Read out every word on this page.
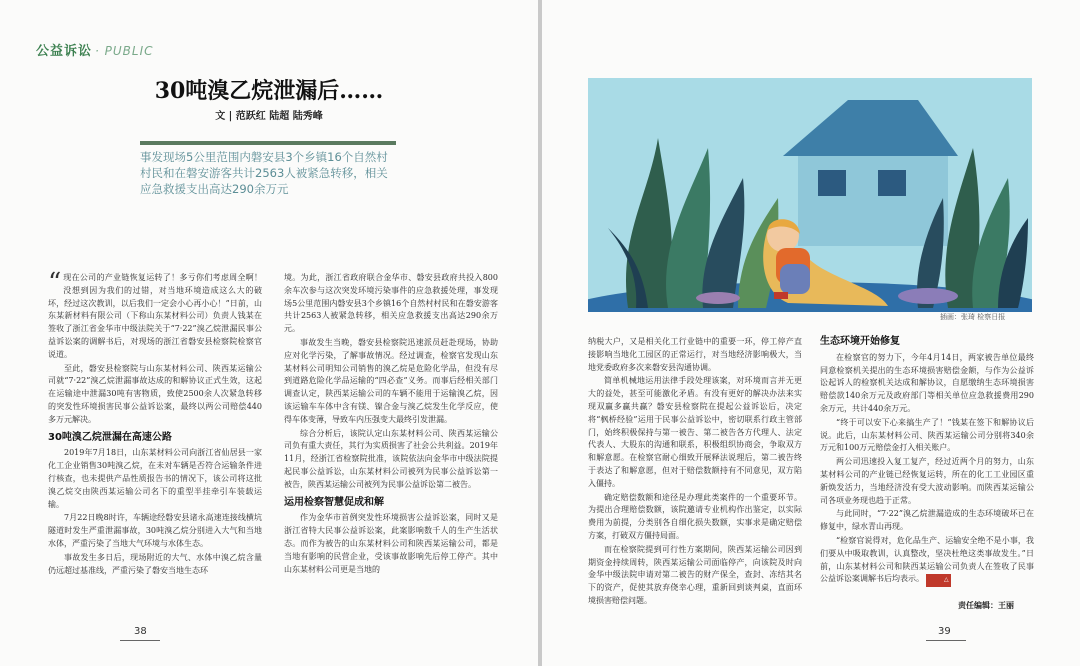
公益诉讼 · PUBLIC
30吨溴乙烷泄漏后……
文 | 范跃红 陆超 陆秀峰
事发现场5公里范围内磐安县3个乡镇16个自然村村民和在磐安游客共计2563人被紧急转移，相关应急救援支出高达290余万元
“ 现在公司的产业链恢复运转了！多亏你们考虑周全啊！没想到因为我们的过错，对当地环境造成这么大的破坏，经过这次教训，以后我们一定会小心再小心！”日前，山东某新材料有限公司（下称山东某材料公司）负责人钱某在签收了浙江省金华市中级法院关于“7·22”溴乙烷泄漏民事公益诉讼案的调解书后，对现场的浙江省磐安县检察院检察官说道。

至此，磐安县检察院与山东某材料公司、陕西某运输公司就“7·22”溴乙烷泄漏事故达成的和解协议正式生效，这起在运输途中泄漏30吨有害物质，致使2500余人次紧急转移的突发性环境损害民事公益诉讼案，最终以两公司赔偿440多万元解决。

30吨溴乙烷泄漏在高速公路

2019年7月18日，山东某材料公司向浙江省仙居县一家化工企业销售30吨溴乙烷，在未对车辆是否符合运输条件进行核查，也未提供产品性质报告书的情况下，该公司将这批溴乙烷交由陕西某运输公司名下的重型半挂牵引车装载运输。

7月22日晚8时许，车辆途经磐安县诸永高速连接线横坑隧道时发生严重泄漏事故，30吨溴乙烷分别进入大气和当地水体，严重污染了当地大气环境与水体生态。

事故发生多日后，现场附近的大气、水体中溴乙烷含量仍远超过基准线，严重污染了磐安当地生态环

境。为此，浙江省政府联合金华市、磐安县政府共投入800余车次参与这次突发环境污染事件的应急救援处理，事发现场5公里范围内磐安县3个乡镇16个自然村村民和在磐安游客共计2563人被紧急转移，相关应急救援支出高达290余万元。

事故发生当晚，磐安县检察院迅速派员赶赴现场，协助应对化学污染，了解事故情况。经过调查，检察官发现山东某材料公司明知公司销售的溴乙烷是危险化学品，但没有尽到道路危险化学品运输的“四必查”义务。而事后经相关部门调查认定，陕西某运输公司的车辆不能用于运输溴乙烷，因该运输车车体中含有镁、镍合金与溴乙烷发生化学反应，使得车体变薄，导致车内压强变大最终引发泄漏。

综合分析后，该院认定山东某材料公司、陕西某运输公司负有重大责任，其行为实质损害了社会公共利益。2019年11月，经浙江省检察院批准，该院依法向金华市中级法院提起民事公益诉讼，山东某材料公司被列为民事公益诉讼第一被告，陕西某运输公司被列为民事公益诉讼第二被告。

运用检察智慧促成和解

作为金华市首例突发性环境损害公益诉讼案，同时又是浙江省特大民事公益诉讼案，此案影响数千人的生产生活状态。而作为被告的山东某材料公司和陕西某运输公司，都是当地有影响的民营企业，受该事故影响先后停工停产。其中山东某材料公司更是当地的

38
插画：张琦 检察日报

纳税大户，又是相关化工行业链中的重要一环，停工停产直接影响当地化工园区的正常运行，对当地经济影响极大，当地党委政府多次来磐安县沟通协调。

简单机械地运用法律手段处理该案，对环境而言并无更大的益处，甚至可能激化矛盾。有没有更好的解决办法来实现双赢多赢共赢？磐安县检察院在提起公益诉讼后，决定将“枫桥经验”运用于民事公益诉讼中，密切联系行政主管部门，始终积极保持与第一被告、第二被告各方代理人、法定代表人、大股东的沟通和联系，积极组织协商会，争取双方和解意愿。在检察官耐心细致开展释法说理后，第二被告终于表达了和解意愿，但对于赔偿数额持有不同意见，双方陷入僵持。

确定赔偿数额和途径是办理此类案件的一个重要环节。为提出合理赔偿数额，该院邀请专业机构作出鉴定，以实际费用为前提，分类别各自细化损失数额，实事求是确定赔偿方案，打破双方僵持局面。

而在检察院提到可行性方案期间，陕西某运输公司因到期资金持续周转，陕西某运输公司面临停产，向该院及时向金华中级法院申请对第二被告的财产保全，查封、冻结其名下的资产，促使其放弃侥幸心理，重新回到谈判桌，直面环境损害赔偿问题。

生态环境开始修复

在检察官的努力下，今年4月14日，两家被告单位最终同意检察机关提出的生态环境损害赔偿金额，与作为公益诉讼起诉人的检察机关达成和解协议，自愿缴纳生态环境损害赔偿款140余万元及政府部门等相关单位应急救援费用290余万元，共计440余万元。

“终于可以安下心来搞生产了！”钱某在签下和解协议后说。此后，山东某材料公司、陕西某运输公司分别将340余万元和100万元赔偿金打入相关账户。

两公司迅速投入复工复产，经过近两个月的努力，山东某材料公司的产业链已经恢复运转，所在的化工工业园区重新焕发活力，当地经济没有受大波动影响。而陕西某运输公司各项业务现也趋于正常。

与此同时，“7·22”溴乙烷泄漏造成的生态环境破坏已在修复中，绿水青山再现。

“检察官说得对，危化品生产、运输安全绝不是小事，我们要从中吸取教训，认真整改，坚决杜绝这类事故发生。”日前，山东某材料公司和陕西某运输公司负责人在签收了民事公益诉讼案调解书后均表示。	△

责任编辑：王丽
39
